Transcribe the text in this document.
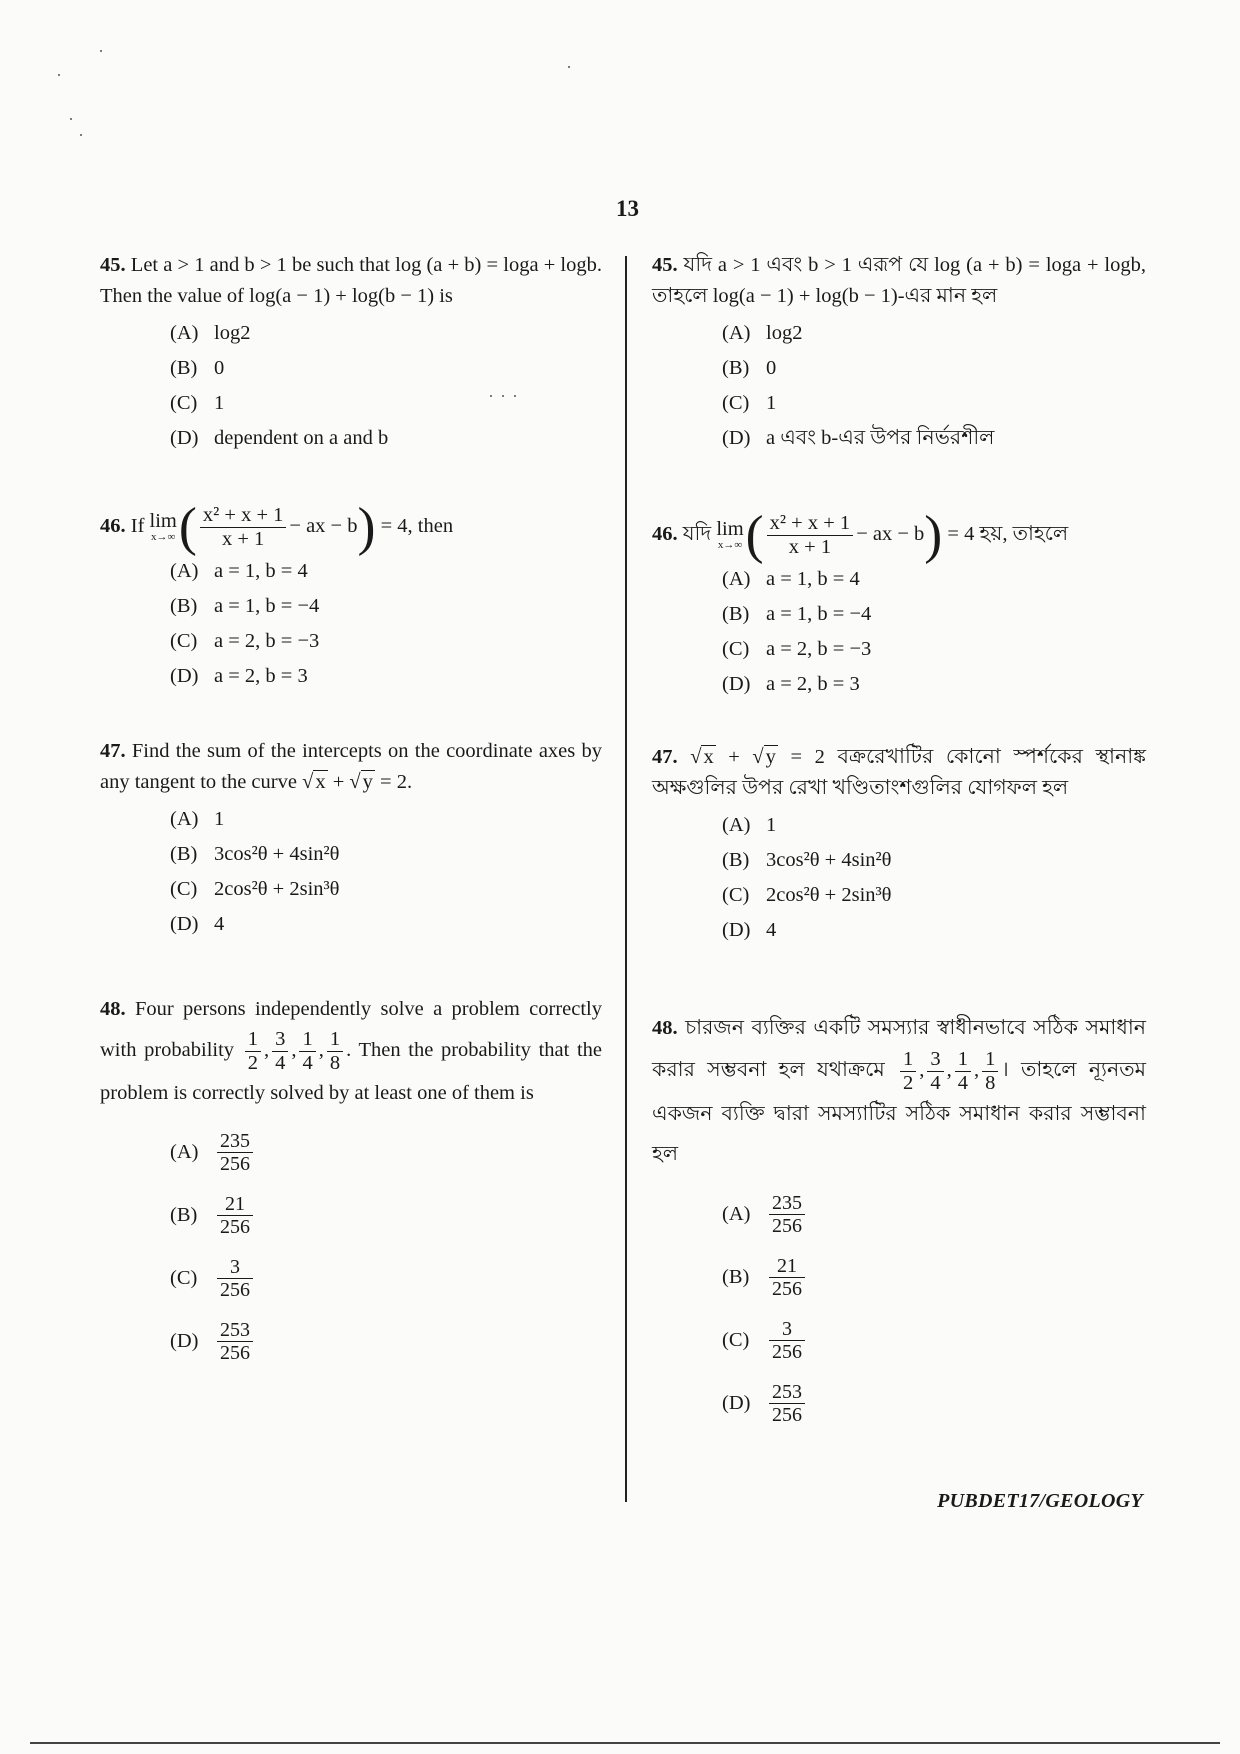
13
45. Let a > 1 and b > 1 be such that log (a + b) = loga + logb. Then the value of log(a − 1) + log(b − 1) is
(A) log2
(B) 0
(C) 1
(D) dependent on a and b
46. If lim
x→∞ ( $\frac{\text{x² + x + 1}}{x + 1}$ − ax − b) = 4, then
(A) a = 1, b = 4
(B) a = 1, b = −4
(C) a = 2, b = −3
(D) a = 2, b = 3
47. Find the sum of the intercepts on the coordinate axes by any tangent to the curve √x + √y = 2.
(A) 1
(B) 3cos²θ + 4sin²θ
(C) 2cos²θ + 2sin³θ
(D) 4
48. Four persons independently solve a problem correctly with probability $\frac{1}{2}$ , $\frac{3}{4}$ , $\frac{1}{4}$ , $\frac{1}{8}$ . Then the probability that the problem is correctly solved by at least one of them is
$(A) \frac{235}{256}$
$(B) \frac{21}{256}$
$(C) \frac{3}{256}$
$(D) \frac{253}{256}$
45. যদি a > 1 এবং b > 1 এরূপ যে log (a + b) = loga + logb, তাহলে log(a − 1) + log(b − 1)-এর মান হল
(A) log2
(B) 0
(C) 1
(D) a এবং b-এর উপর নির্ভরশীল
46. যদি lim
x→∞ ( $\frac{\text{x² + x + 1}}{x + 1}$ − ax − b) = 4 হয়, তাহলে
(A) a = 1, b = 4
(B) a = 1, b = −4
(C) a = 2, b = −3
(D) a = 2, b = 3
47. √x + √y = 2 বক্ররেখাটির কোনো স্পর্শকের স্থানাঙ্ক অক্ষগুলির উপর রেখা খণ্ডিতাংশগুলির যোগফল হল
(A) 1
(B) 3cos²θ + 4sin²θ
(C) 2cos²θ + 2sin³θ
(D) 4
48. চারজন ব্যক্তির একটি সমস্যার স্বাধীনভাবে সঠিক সমাধান করার সম্ভবনা হল যথাক্রমে $\frac{1}{2}$ , $\frac{3}{4}$ , $\frac{1}{4}$ , $\frac{1}{8}$ । তাহলে ন্যূনতম একজন ব্যক্তি দ্বারা সমস্যাটির সঠিক সমাধান করার সম্ভাবনা হল
$(A) \frac{235}{256}$
$(B) \frac{21}{256}$
$(C) \frac{3}{256}$
$(D) \frac{253}{256}$
PUBDET17/GEOLOGY
